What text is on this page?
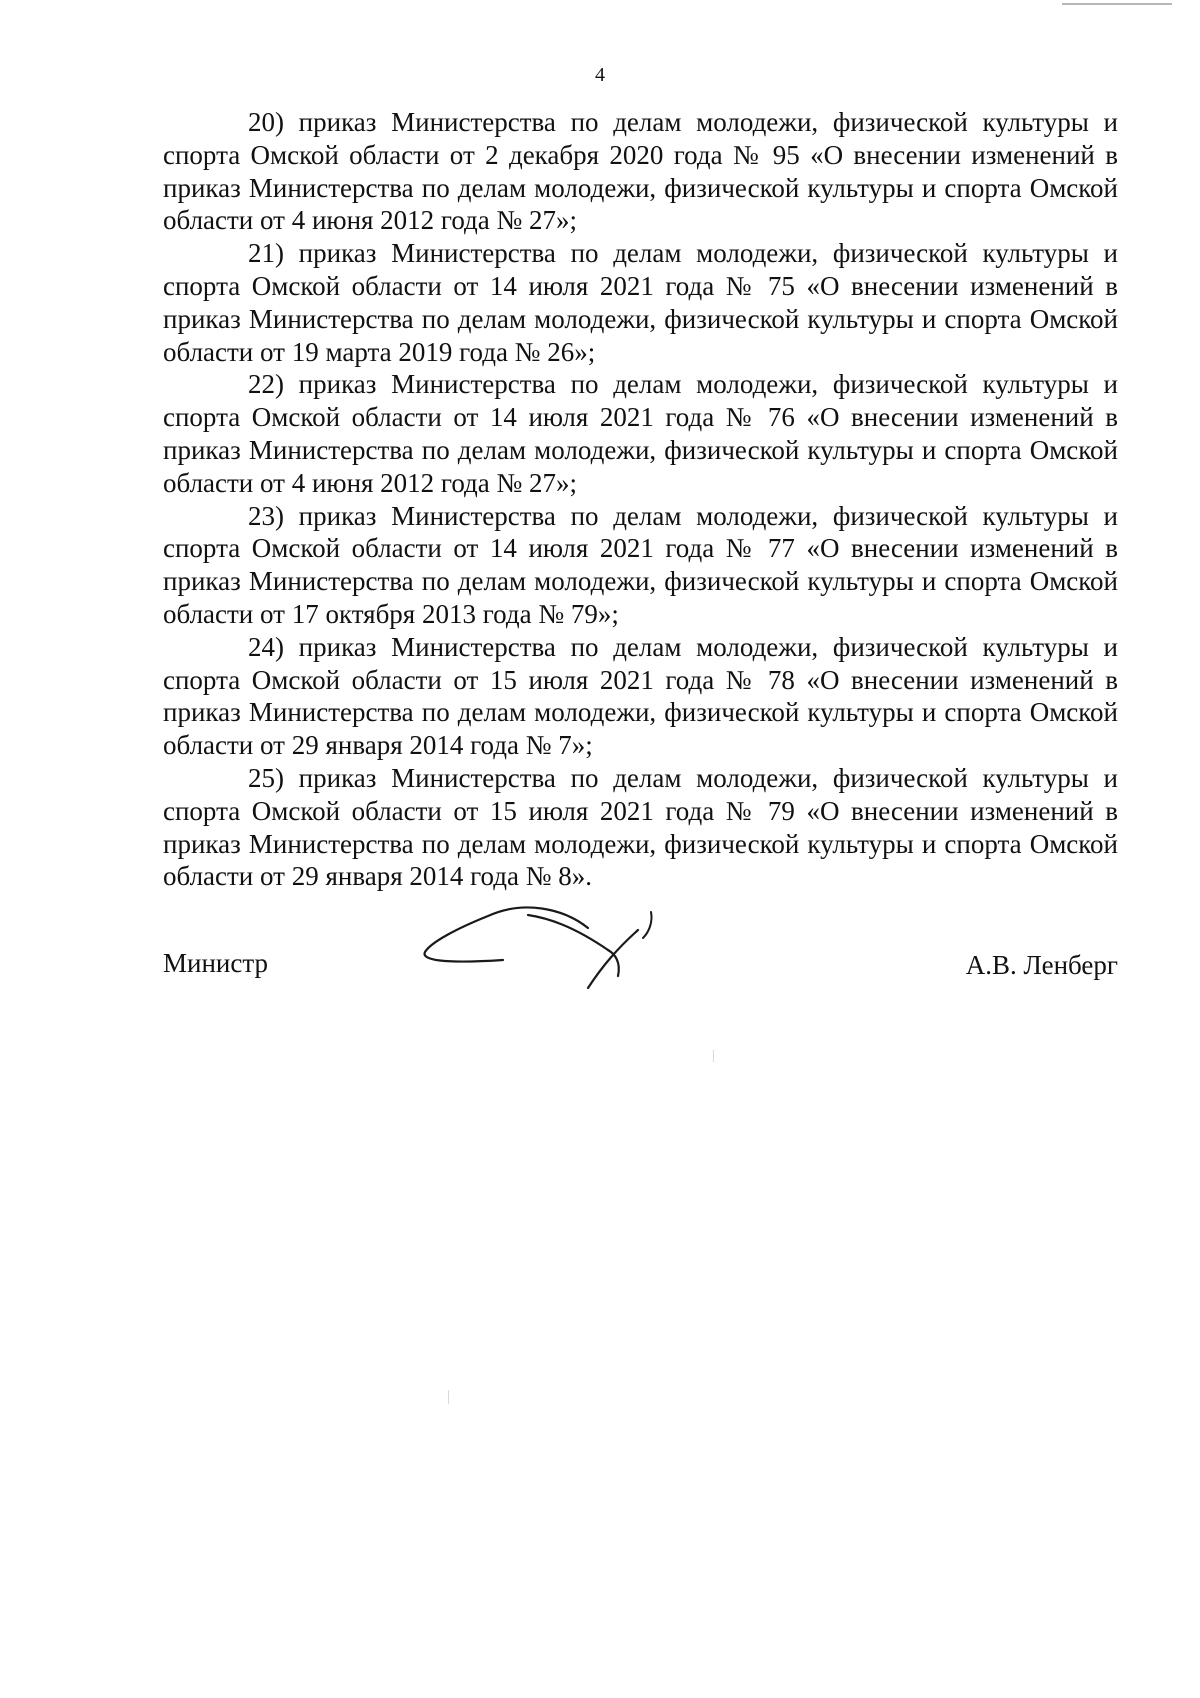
4

20) приказ Министерства по делам молодежи, физической культуры и спорта Омской области от 2 декабря 2020 года № 95 «О внесении изменений в приказ Министерства по делам молодежи, физической культуры и спорта Омской области от 4 июня 2012 года № 27»;

21) приказ Министерства по делам молодежи, физической культуры и спорта Омской области от 14 июля 2021 года № 75 «О внесении изменений в приказ Министерства по делам молодежи, физической культуры и спорта Омской области от 19 марта 2019 года № 26»;

22) приказ Министерства по делам молодежи, физической культуры и спорта Омской области от 14 июля 2021 года № 76 «О внесении изменений в приказ Министерства по делам молодежи, физической культуры и спорта Омской области от 4 июня 2012 года № 27»;

23) приказ Министерства по делам молодежи, физической культуры и спорта Омской области от 14 июля 2021 года № 77 «О внесении изменений в приказ Министерства по делам молодежи, физической культуры и спорта Омской области от 17 октября 2013 года № 79»;

24) приказ Министерства по делам молодежи, физической культуры и спорта Омской области от 15 июля 2021 года № 78 «О внесении изменений в приказ Министерства по делам молодежи, физической культуры и спорта Омской области от 29 января 2014 года № 7»;

25) приказ Министерства по делам молодежи, физической культуры и спорта Омской области от 15 июля 2021 года № 79 «О внесении изменений в приказ Министерства по делам молодежи, физической культуры и спорта Омской области от 29 января 2014 года № 8».

Министр	А.В. Ленберг
